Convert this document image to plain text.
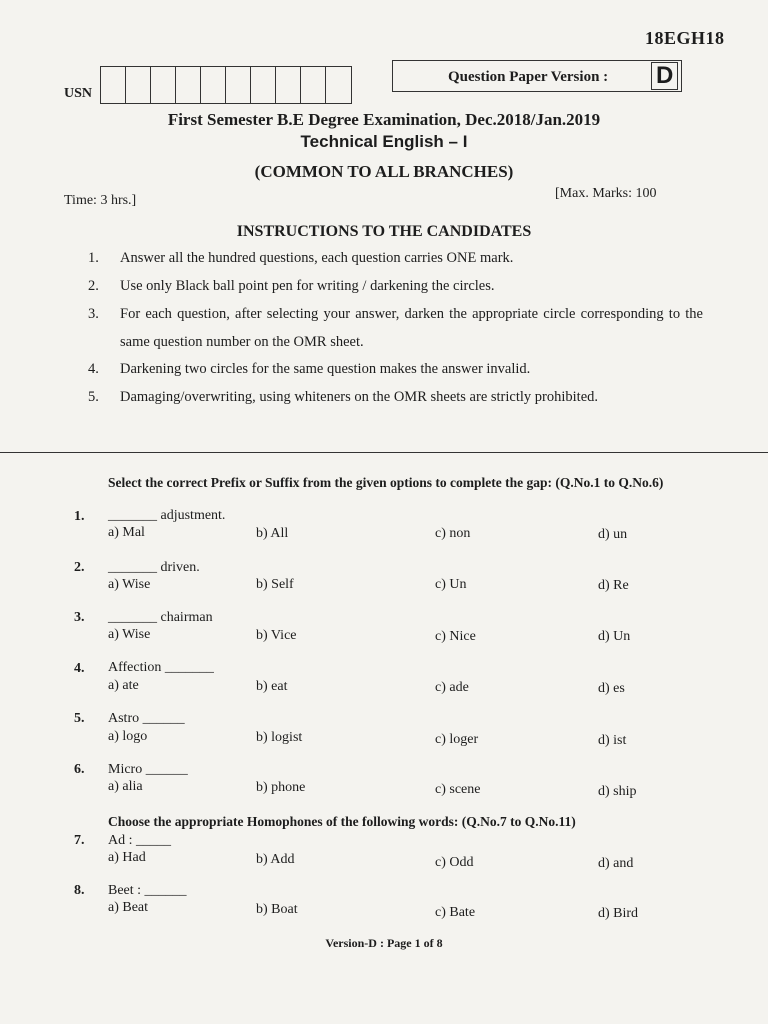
18EGH18
USN
Question Paper Version : D
First Semester B.E Degree Examination, Dec.2018/Jan.2019
Technical English – I
(COMMON TO ALL BRANCHES)
Time: 3 hrs.]	[Max. Marks: 100
INSTRUCTIONS TO THE CANDIDATES
1.	Answer all the hundred questions, each question carries ONE mark.
2.	Use only Black ball point pen for writing / darkening the circles.
3.	For each question, after selecting your answer, darken the appropriate circle corresponding to the same question number on the OMR sheet.
4.	Darkening two circles for the same question makes the answer invalid.
5.	Damaging/overwriting, using whiteners on the OMR sheets are strictly prohibited.
Select the correct Prefix or Suffix from the given options to complete the gap: (Q.No.1 to Q.No.6)
1. _______ adjustment.
a) Mal	b) All	c) non	d) un
2. _______ driven.
a) Wise	b) Self	c) Un	d) Re
3. _______ chairman
a) Wise	b) Vice	c) Nice	d) Un
4. Affection _______
a) ate	b) eat	c) ade	d) es
5. Astro ______
a) logo	b) logist	c) loger	d) ist
6. Micro ______
a) alia	b) phone	c) scene	d) ship
Choose the appropriate Homophones of the following words: (Q.No.7 to Q.No.11)
7. Ad : _____
a) Had	b) Add	c) Odd	d) and
8. Beet : ______
a) Beat	b) Boat	c) Bate	d) Bird
Version-D : Page 1 of 8
